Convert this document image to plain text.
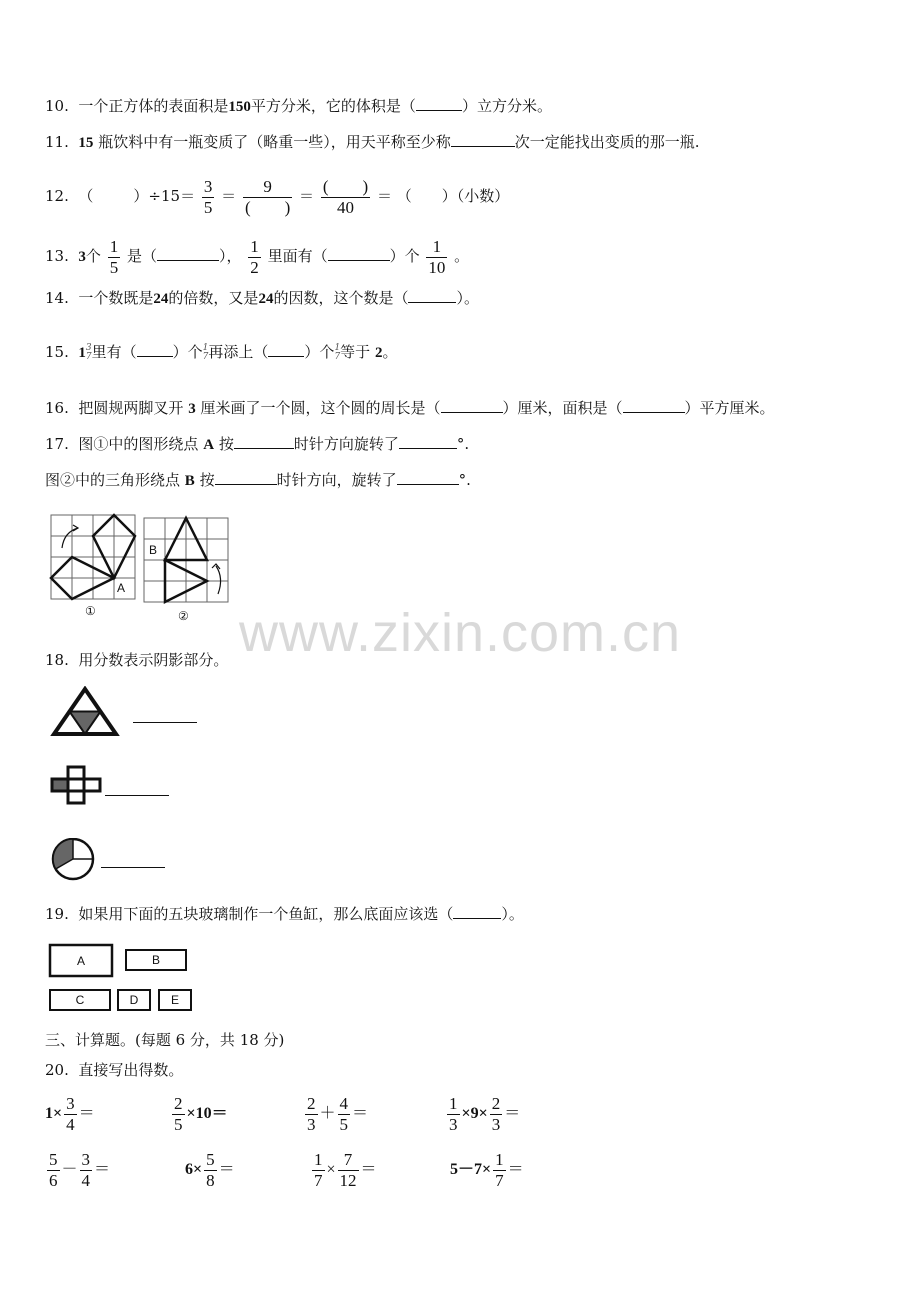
10. 一个正方体的表面积是150平方分米，它的体积是（	）立方分米。
11. 15 瓶饮料中有一瓶变质了（略重一些），用天平称至少称	次一定能找出变质的那一瓶.
12. （	）$\div 15= \frac{3}{5} = \frac{9}{( )} = \frac{( )}{40}$ ＝ （　　）（小数）
13. 3个 $\frac{1}{5}$ 是（	）， $\frac{1}{2}$ 里面有（	）个 $\frac{1}{10}$ 。
14. 一个数既是24的倍数，又是24的因数，这个数是（	）。
15. 1 3
7 里有（ ）个 1
7 再添上（ ）个 1
7 等于 2。
16. 把圆规两脚叉开 3 厘米画了一个圆，这个圆的周长是（	）厘米，面积是（	）平方厘米。
17. 图①中的图形绕点 A 按	时针方向旋转了	°.
图②中的三角形绕点 B 按	时针方向，旋转了	°.
A
①
B
② www.zixin.com.cn
18. 用分数表示阴影部分。
19. 如果用下面的五块玻璃制作一个鱼缸，那么底面应该选（	）。
A	B
C	D	E
三、计算题。(每题 6 分，共 18 分)
20. 直接写出得数。
$1\times \frac{3}{4}$ ＝	$\frac{2}{5} \times 10=$	$\frac{2}{3} + \frac{4}{5}$ ＝	$\frac{1}{3} \times 9\times \frac{2}{3}$ ＝
$\frac{5}{6} - \frac{3}{4}$ ＝	$6\times \frac{5}{8}$ ＝	$\frac{1}{7} \times \frac{7}{12}$ ＝	$5-7\times \frac{1}{7}$ ＝
